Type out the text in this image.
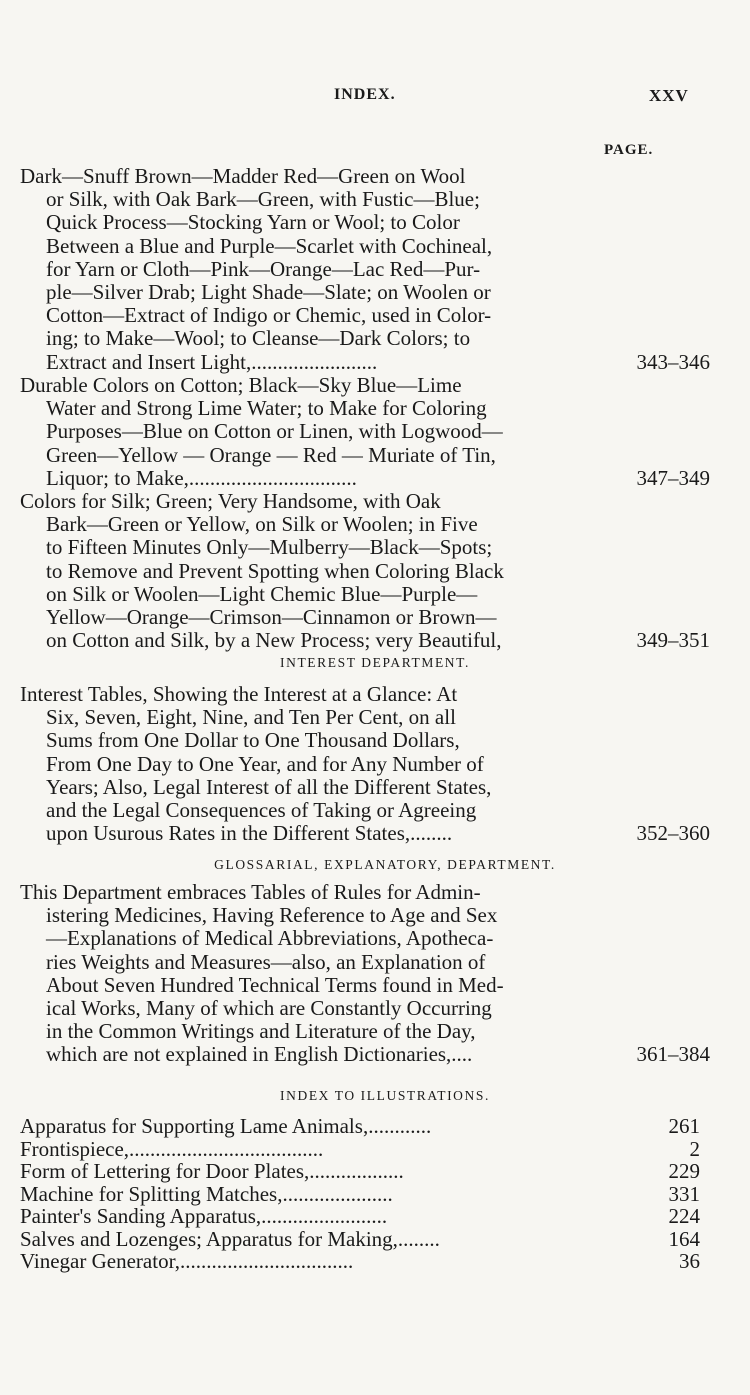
INDEX.	XXV
PAGE.
Dark—Snuff Brown—Madder Red—Green on Wool
or Silk, with Oak Bark—Green, with Fustic—Blue;
Quick Process—Stocking Yarn or Wool; to Color
Between a Blue and Purple—Scarlet with Cochineal,
for Yarn or Cloth—Pink—Orange—Lac Red—Pur-
ple—Silver Drab; Light Shade—Slate; on Woolen or
Cotton—Extract of Indigo or Chemic, used in Color-
ing; to Make—Wool; to Cleanse—Dark Colors; to
Extract and Insert Light,........................	343–346
Durable Colors on Cotton; Black—Sky Blue—Lime
Water and Strong Lime Water; to Make for Coloring
Purposes—Blue on Cotton or Linen, with Logwood—
Green—Yellow — Orange — Red — Muriate of Tin,
Liquor; to Make,................................	347–349
Colors for Silk; Green; Very Handsome, with Oak
Bark—Green or Yellow, on Silk or Woolen; in Five
to Fifteen Minutes Only—Mulberry—Black—Spots;
to Remove and Prevent Spotting when Coloring Black
on Silk or Woolen—Light Chemic Blue—Purple—
Yellow—Orange—Crimson—Cinnamon or Brown—
on Cotton and Silk, by a New Process; very Beautiful,	349–351
INTEREST DEPARTMENT.
Interest Tables, Showing the Interest at a Glance: At
Six, Seven, Eight, Nine, and Ten Per Cent, on all
Sums from One Dollar to One Thousand Dollars,
From One Day to One Year, and for Any Number of
Years; Also, Legal Interest of all the Different States,
and the Legal Consequences of Taking or Agreeing
upon Usurous Rates in the Different States,........	352–360
GLOSSARIAL, EXPLANATORY, DEPARTMENT.
This Department embraces Tables of Rules for Admin-
istering Medicines, Having Reference to Age and Sex
—Explanations of Medical Abbreviations, Apotheca-
ries Weights and Measures—also, an Explanation of
About Seven Hundred Technical Terms found in Med-
ical Works, Many of which are Constantly Occurring
in the Common Writings and Literature of the Day,
which are not explained in English Dictionaries,....	361–384
INDEX TO ILLUSTRATIONS.
Apparatus for Supporting Lame Animals,............	261
Frontispiece,.....................................	2
Form of Lettering for Door Plates,..................	229
Machine for Splitting Matches,.....................	331
Painter's Sanding Apparatus,........................	224
Salves and Lozenges; Apparatus for Making,........	164
Vinegar Generator,.................................	36
